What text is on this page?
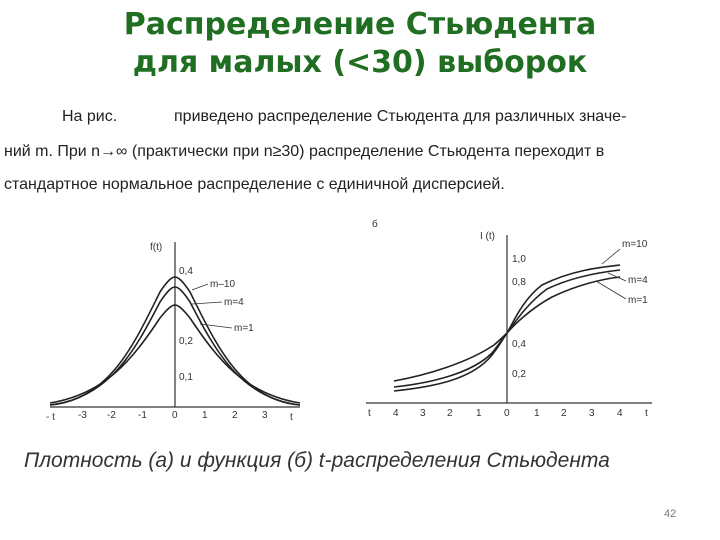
Распределение Стьюдента
для малых (<30) выборок
На рис.	приведено распределение Стьюдента для различных значе-
ний m. При n→∞ (практически при n≥30) распределение Стьюдента переходит в
стандартное нормальное распределение с единичной дисперсией.
f(t)
- t	t
0,4
0,2
0,1
-3 -2 -1	0 1 2 3
m–10
m=4
m=1
б
I (t)
t	t
1,0
0,8
0,4
0,2
4 3 2 1 0 1 2 3 4
m=10
m=4
m=1
Плотность (а) и функция (б) t-распределения Стьюдента
42
